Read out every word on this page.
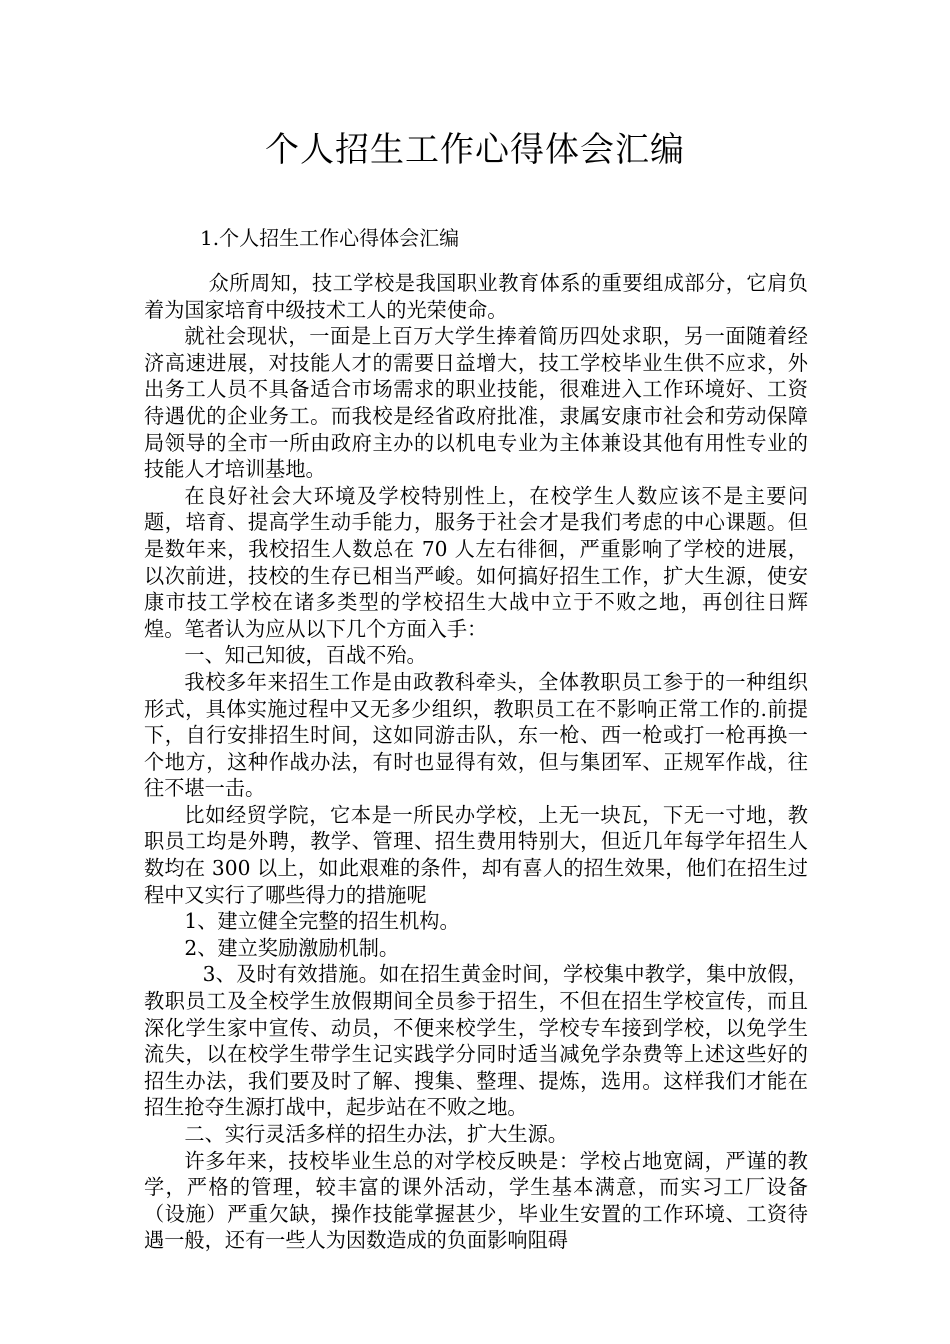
个人招生工作心得体会汇编
1.个人招生工作心得体会汇编

众所周知，技工学校是我国职业教育体系的重要组成部分，它肩负着为国家培育中级技术工人的光荣使命。

就社会现状，一面是上百万大学生捧着简历四处求职，另一面随着经济高速进展，对技能人才的需要日益增大，技工学校毕业生供不应求，外出务工人员不具备适合市场需求的职业技能，很难进入工作环境好、工资待遇优的企业务工。而我校是经省政府批准，隶属安康市社会和劳动保障局领导的全市一所由政府主办的以机电专业为主体兼设其他有用性专业的技能人才培训基地。

在良好社会大环境及学校特别性上，在校学生人数应该不是主要问题，培育、提高学生动手能力，服务于社会才是我们考虑的中心课题。但是数年来，我校招生人数总在 70 人左右徘徊，严重影响了学校的进展，以次前进，技校的生存已相当严峻。如何搞好招生工作，扩大生源，使安康市技工学校在诸多类型的学校招生大战中立于不败之地，再创往日辉煌。笔者认为应从以下几个方面入手：

一、知己知彼，百战不殆。

我校多年来招生工作是由政教科牵头，全体教职员工参于的一种组织形式，具体实施过程中又无多少组织，教职员工在不影响正常工作的.前提下，自行安排招生时间，这如同游击队，东一枪、西一枪或打一枪再换一个地方，这种作战办法，有时也显得有效，但与集团军、正规军作战，往往不堪一击。

比如经贸学院，它本是一所民办学校，上无一块瓦，下无一寸地，教职员工均是外聘，教学、管理、招生费用特别大，但近几年每学年招生人数均在 300 以上，如此艰难的条件，却有喜人的招生效果，他们在招生过程中又实行了哪些得力的措施呢

1、建立健全完整的招生机构。

2、建立奖励激励机制。

3、及时有效措施。如在招生黄金时间，学校集中教学，集中放假，教职员工及全校学生放假期间全员参于招生，不但在招生学校宣传，而且深化学生家中宣传、动员，不便来校学生，学校专车接到学校，以免学生流失，以在校学生带学生记实践学分同时适当减免学杂费等上述这些好的招生办法，我们要及时了解、搜集、整理、提炼，选用。这样我们才能在招生抢夺生源打战中，起步站在不败之地。

二、实行灵活多样的招生办法，扩大生源。

许多年来，技校毕业生总的对学校反映是：学校占地宽阔，严谨的教学，严格的管理，较丰富的课外活动，学生基本满意，而实习工厂设备（设施）严重欠缺，操作技能掌握甚少，毕业生安置的工作环境、工资待遇一般，还有一些人为因数造成的负面影响阻碍
